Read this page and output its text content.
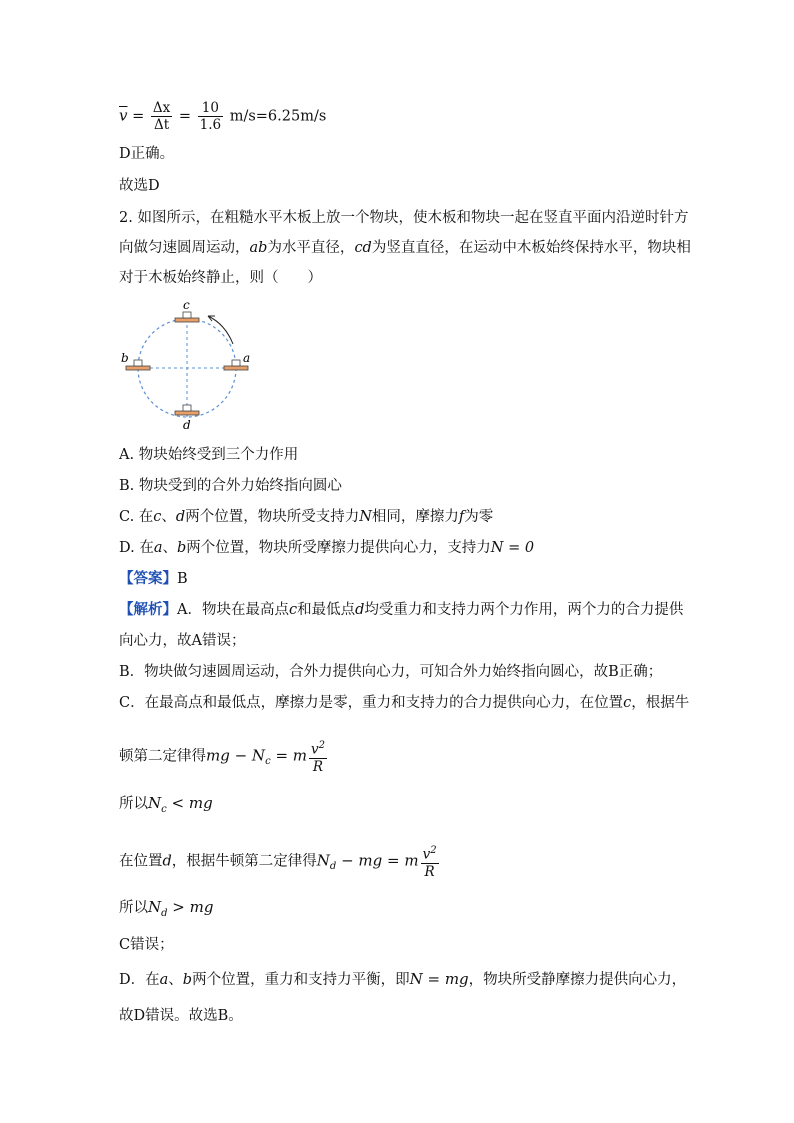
$\overline{v} = \frac{\Delta x}{\Delta t} = \frac{10}{1.6} m/s=6.25m/s$
D正确。
故选D
2. 如图所示，在粗糙水平木板上放一个物块，使木板和物块一起在竖直平面内沿逆时针方
向做匀速圆周运动，ab为水平直径，cd为竖直直径，在运动中木板始终保持水平，物块相
对于木板始终静止，则（　　）
c
d
b	a
A. 物块始终受到三个力作用
B. 物块受到的合外力始终指向圆心
C. 在c、d两个位置，物块所受支持力N相同，摩擦力f为零
D. 在a、b两个位置，物块所受摩擦力提供向心力，支持力N = 0
【答案】B
【解析】A．物块在最高点c和最低点d均受重力和支持力两个力作用，两个力的合力提供
向心力，故A错误；
B．物块做匀速圆周运动，合外力提供向心力，可知合外力始终指向圆心，故B正确；
C．在最高点和最低点，摩擦力是零，重力和支持力的合力提供向心力，在位置c，根据牛
顿第二定律得mg − $N_c = m \frac{v^2}{R}$
所以$N_c$ < mg
在位置d，根据牛顿第二定律得$N_d$ − mg = m $\frac{v^2}{R}$
所以$N_d$ > mg
C错误；
D．在a、b两个位置，重力和支持力平衡，即N = mg，物块所受静摩擦力提供向心力，
故D错误。故选B。
